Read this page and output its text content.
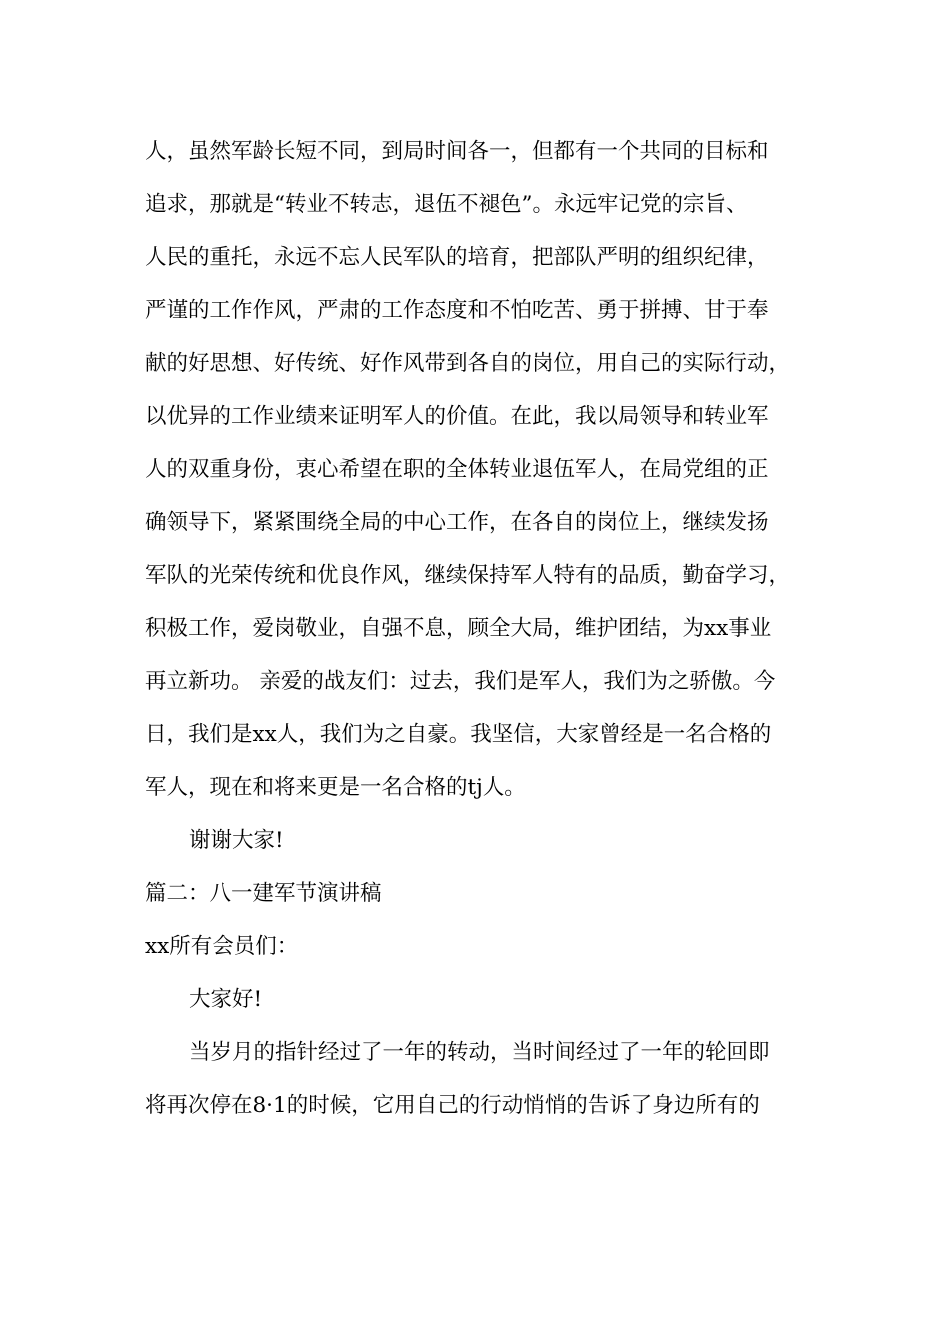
人，虽然军龄长短不同，到局时间各一，但都有一个共同的目标和
追求，那就是“转业不转志，退伍不褪色”。永远牢记党的宗旨、
人民的重托，永远不忘人民军队的培育，把部队严明的组织纪律，
严谨的工作作风，严肃的工作态度和不怕吃苦、勇于拼搏、甘于奉
献的好思想、好传统、好作风带到各自的岗位，用自己的实际行动，
以优异的工作业绩来证明军人的价值。在此，我以局领导和转业军
人的双重身份，衷心希望在职的全体转业退伍军人，在局党组的正
确领导下，紧紧围绕全局的中心工作，在各自的岗位上，继续发扬
军队的光荣传统和优良作风，继续保持军人特有的品质，勤奋学习，
积极工作，爱岗敬业，自强不息，顾全大局，维护团结，为xx事业
再立新功。 亲爱的战友们：过去，我们是军人，我们为之骄傲。今
日，我们是xx人，我们为之自豪。我坚信，大家曾经是一名合格的
军人，现在和将来更是一名合格的tj人。
谢谢大家!
篇二：八一建军节演讲稿
xx所有会员们：
大家好!
当岁月的指针经过了一年的转动，当时间经过了一年的轮回即
将再次停在8·1的时候，它用自己的行动悄悄的告诉了身边所有的
